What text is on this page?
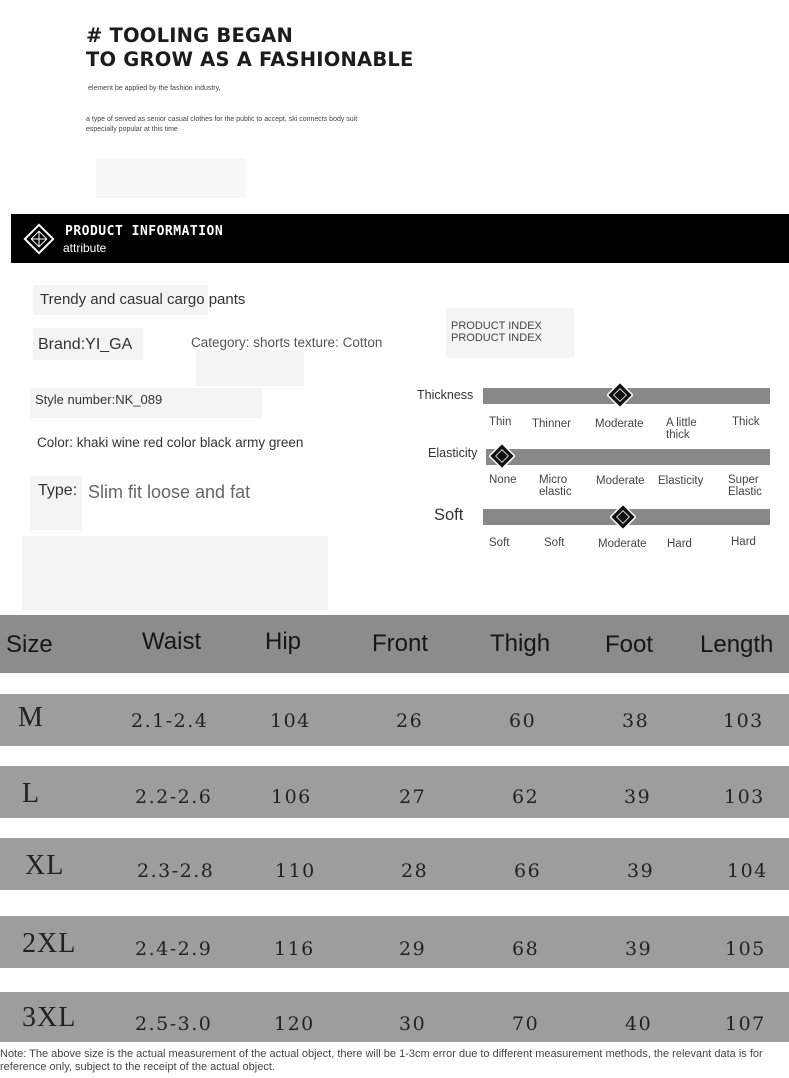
# TOOLING BEGAN
TO GROW AS A FASHIONABLE
element be applied by the fashion industry,
a type of served as senior casual clothes for the public to accept, ski connects body suit especially popular at this time
PRODUCT INFORMATION
attribute
Trendy and casual cargo pants
Brand:YI_GA	Category: shorts texture: Cotton
Style number:NK_089
Color: khaki wine red color black army green
Type: Slim fit loose and fat
PRODUCT INDEX
PRODUCT INDEX
Thickness
Thin Thinner Moderate A little thick
Thick
Elasticity
None Micro elastic
Moderate Elasticity Super Elastic
Soft
Soft	Soft	Moderate Hard	Hard
Size	Waist	Hip	Front	Thigh Foot Length
M	2.1-2.4	104	26	60	38	103
L	2.2-2.6	106	27	62	39	103
XL	2.3-2.8	110	28	66	39	104
2XL	2.4-2.9	116	29	68	39	105
3XL	2.5-3.0	120	30	70	40	107
Note: The above size is the actual measurement of the actual object, there will be 1-3cm error due to different measurement methods, the relevant data is for reference only, subject to the receipt of the actual object.
